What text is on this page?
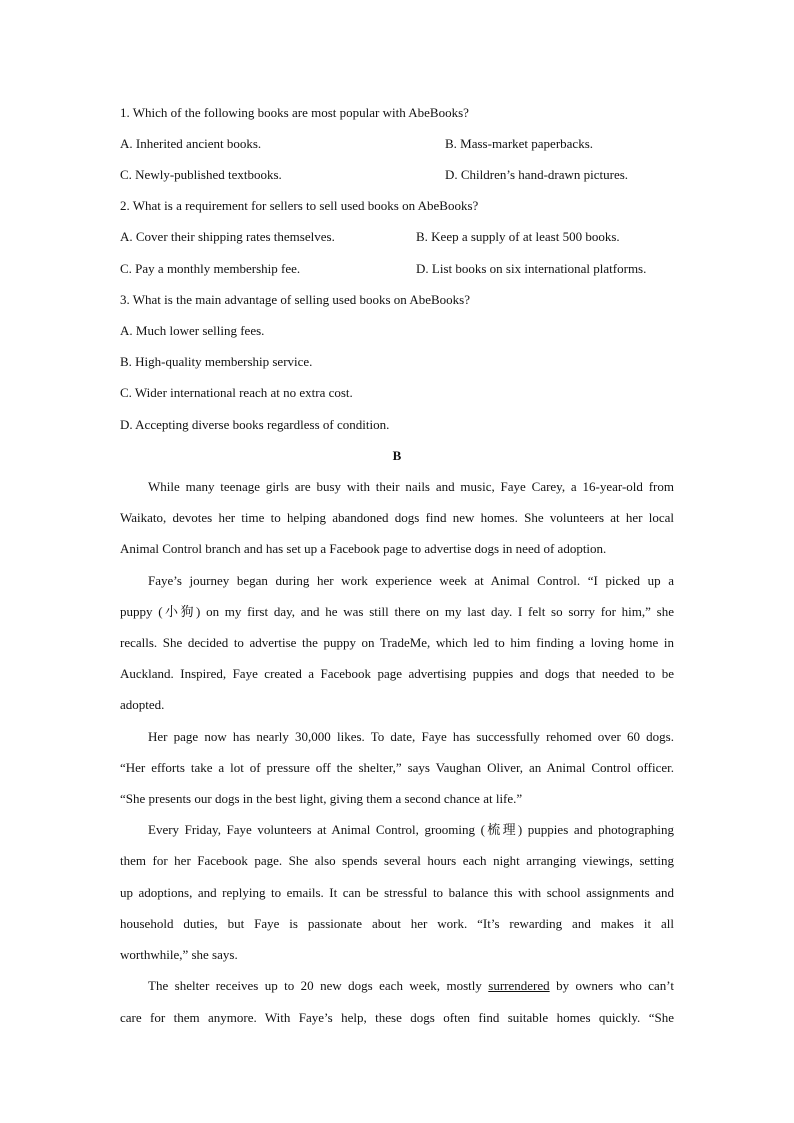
1. Which of the following books are most popular with AbeBooks?
A. Inherited ancient books.	B. Mass-market paperbacks.
C. Newly-published textbooks.	D. Children’s hand-drawn pictures.
2. What is a requirement for sellers to sell used books on AbeBooks?
A. Cover their shipping rates themselves.	B. Keep a supply of at least 500 books.
C. Pay a monthly membership fee.	D. List books on six international platforms.
3. What is the main advantage of selling used books on AbeBooks?
A. Much lower selling fees.
B. High-quality membership service.
C. Wider international reach at no extra cost.
D. Accepting diverse books regardless of condition.
B
While many teenage girls are busy with their nails and music, Faye Carey, a 16-year-old from
Waikato, devotes her time to helping abandoned dogs find new homes. She volunteers at her local
Animal Control branch and has set up a Facebook page to advertise dogs in need of adoption.
Faye’s journey began during her work experience week at Animal Control. “I picked up a
puppy (小狗) on my first day, and he was still there on my last day. I felt so sorry for him,” she
recalls. She decided to advertise the puppy on TradeMe, which led to him finding a loving home in
Auckland. Inspired, Faye created a Facebook page advertising puppies and dogs that needed to be
adopted.
Her page now has nearly 30,000 likes. To date, Faye has successfully rehomed over 60 dogs.
“Her efforts take a lot of pressure off the shelter,” says Vaughan Oliver, an Animal Control officer.
“She presents our dogs in the best light, giving them a second chance at life.”
Every Friday, Faye volunteers at Animal Control, grooming (梳理) puppies and photographing
them for her Facebook page. She also spends several hours each night arranging viewings, setting
up adoptions, and replying to emails. It can be stressful to balance this with school assignments and
household duties, but Faye is passionate about her work. “It’s rewarding and makes it all
worthwhile,” she says.
The shelter receives up to 20 new dogs each week, mostly surrendered by owners who can’t
care for them anymore. With Faye’s help, these dogs often find suitable homes quickly. “She
